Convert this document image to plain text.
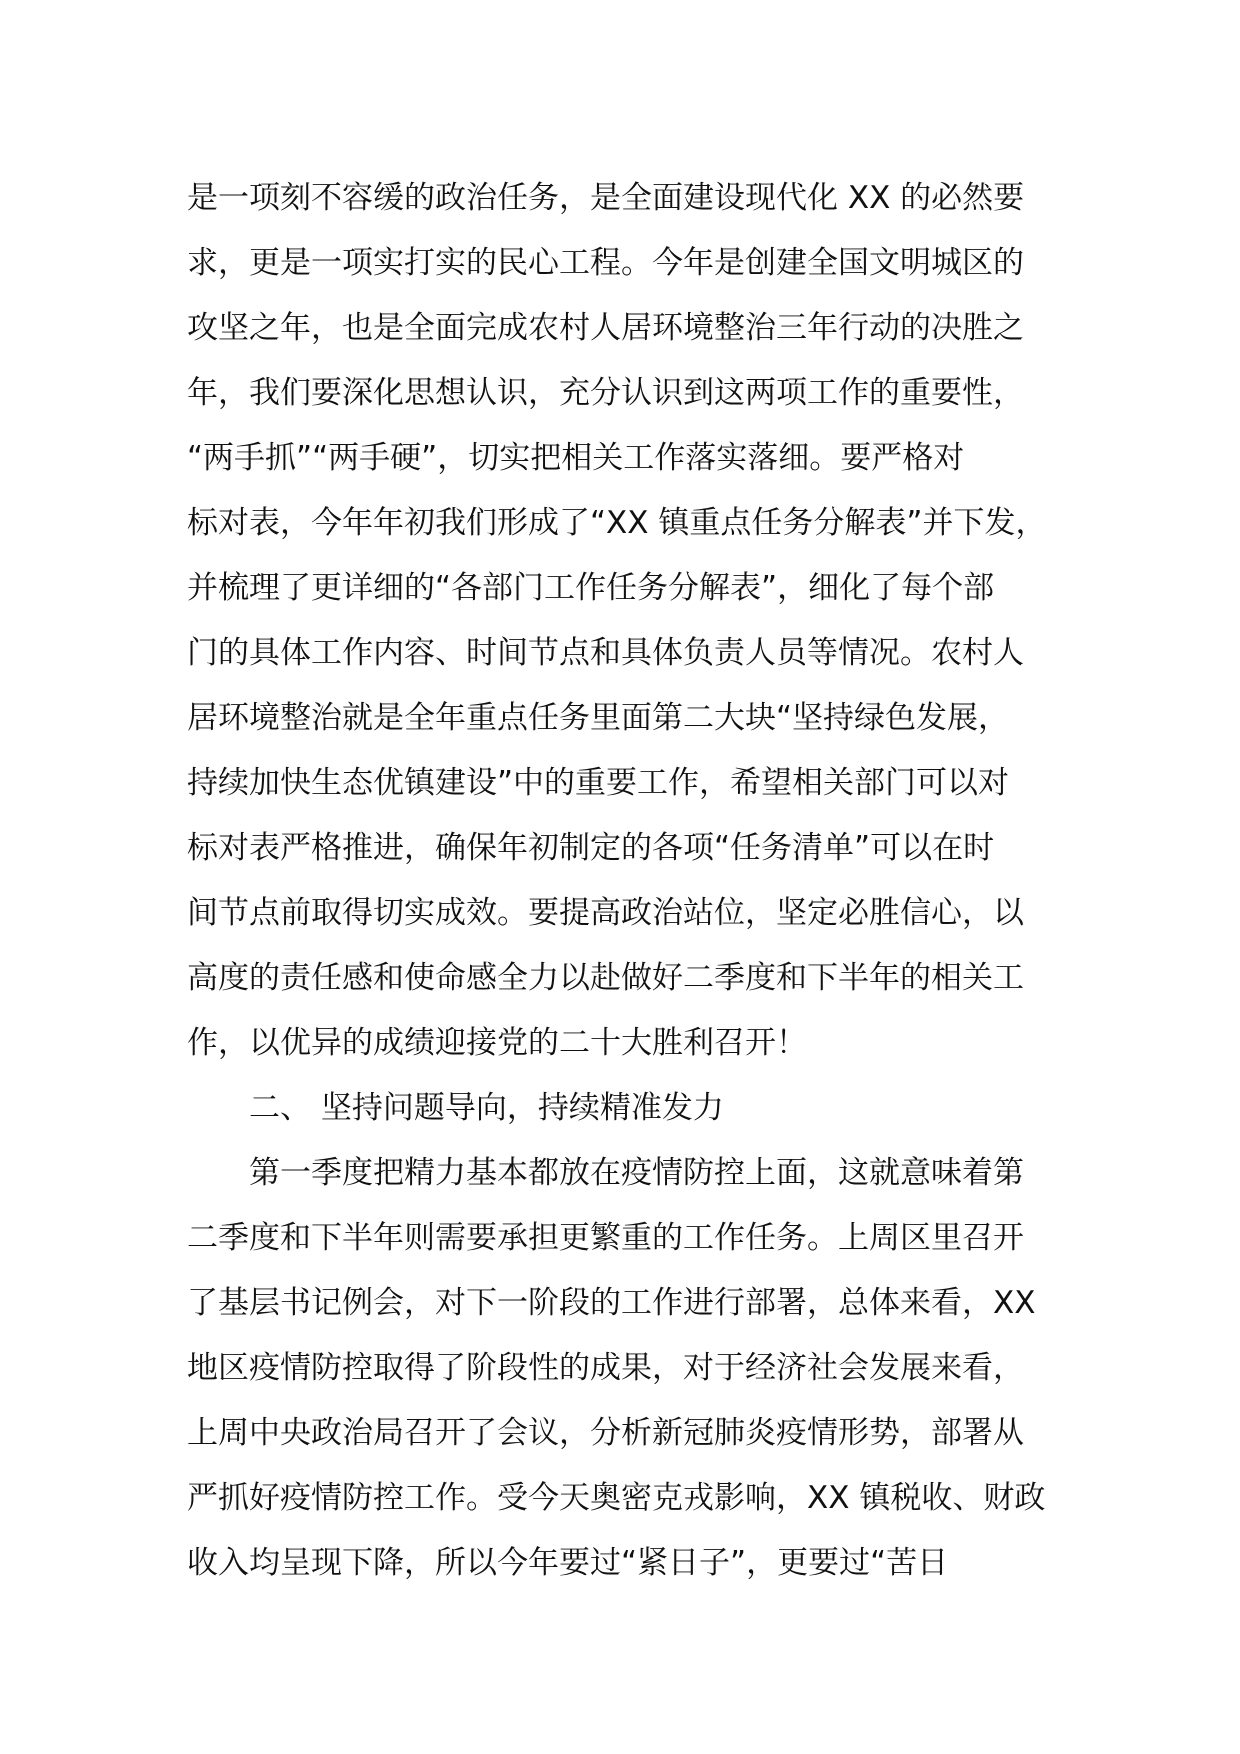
是一项刻不容缓的政治任务，是全面建设现代化 XX 的必然要
求，更是一项实打实的民心工程。今年是创建全国文明城区的
攻坚之年，也是全面完成农村人居环境整治三年行动的决胜之
年，我们要深化思想认识，充分认识到这两项工作的重要性，
“两手抓”“两手硬”，切实把相关工作落实落细。要严格对
标对表，今年年初我们形成了“XX 镇重点任务分解表”并下发，
并梳理了更详细的“各部门工作任务分解表”，细化了每个部
门的具体工作内容、时间节点和具体负责人员等情况。农村人
居环境整治就是全年重点任务里面第二大块“坚持绿色发展，
持续加快生态优镇建设”中的重要工作，希望相关部门可以对
标对表严格推进，确保年初制定的各项“任务清单”可以在时
间节点前取得切实成效。要提高政治站位，坚定必胜信心，以
高度的责任感和使命感全力以赴做好二季度和下半年的相关工
作，以优异的成绩迎接党的二十大胜利召开！
二、 坚持问题导向，持续精准发力
第一季度把精力基本都放在疫情防控上面，这就意味着第
二季度和下半年则需要承担更繁重的工作任务。上周区里召开
了基层书记例会，对下一阶段的工作进行部署，总体来看，XX
地区疫情防控取得了阶段性的成果，对于经济社会发展来看，
上周中央政治局召开了会议，分析新冠肺炎疫情形势，部署从
严抓好疫情防控工作。受今天奥密克戎影响，XX 镇税收、财政
收入均呈现下降，所以今年要过“紧日子”，更要过“苦日
